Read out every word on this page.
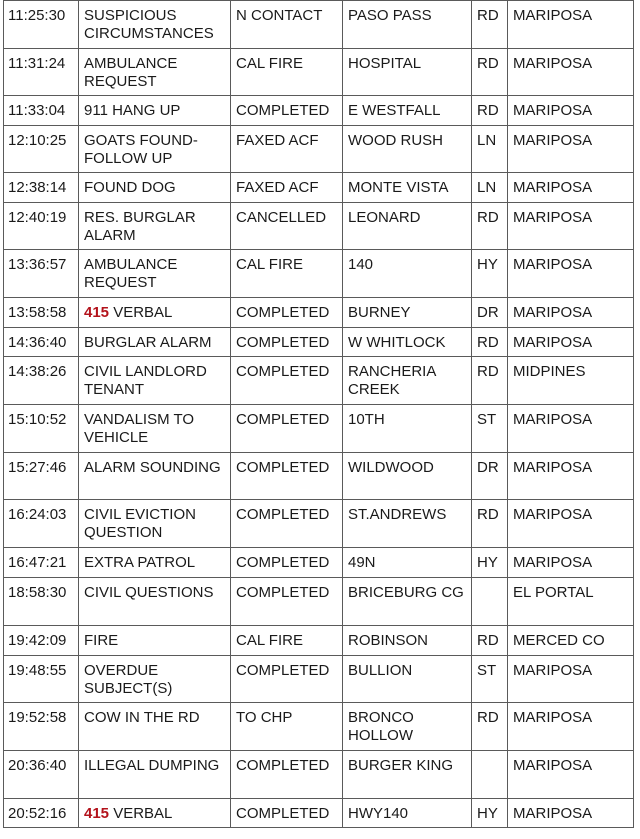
11:25:30	SUSPICIOUS CIRCUMSTANCES	N CONTACT	PASO PASS	RD	MARIPOSA
11:31:24	AMBULANCE REQUEST	CAL FIRE	HOSPITAL	RD	MARIPOSA
11:33:04	911 HANG UP	COMPLETED	E WESTFALL	RD	MARIPOSA
12:10:25	GOATS FOUND-FOLLOW UP	FAXED ACF	WOOD RUSH	LN	MARIPOSA
12:38:14	FOUND DOG	FAXED ACF	MONTE VISTA	LN	MARIPOSA
12:40:19	RES. BURGLAR ALARM	CANCELLED	LEONARD	RD	MARIPOSA
13:36:57	AMBULANCE REQUEST	CAL FIRE	140	HY	MARIPOSA
13:58:58	415 VERBAL	COMPLETED	BURNEY	DR	MARIPOSA
14:36:40	BURGLAR ALARM	COMPLETED	W WHITLOCK	RD	MARIPOSA
14:38:26	CIVIL LANDLORD TENANT	COMPLETED	RANCHERIA CREEK	RD	MIDPINES
15:10:52	VANDALISM TO VEHICLE	COMPLETED	10TH	ST	MARIPOSA
15:27:46	ALARM SOUNDING	COMPLETED	WILDWOOD	DR	MARIPOSA
16:24:03	CIVIL EVICTION QUESTION	COMPLETED	ST.ANDREWS	RD	MARIPOSA
16:47:21	EXTRA PATROL	COMPLETED	49N	HY	MARIPOSA
18:58:30	CIVIL QUESTIONS	COMPLETED	BRICEBURG CG		EL PORTAL
19:42:09	FIRE	CAL FIRE	ROBINSON	RD	MERCED CO
19:48:55	OVERDUE SUBJECT(S)	COMPLETED	BULLION	ST	MARIPOSA
19:52:58	COW IN THE RD	TO CHP	BRONCO HOLLOW	RD	MARIPOSA
20:36:40	ILLEGAL DUMPING	COMPLETED	BURGER KING		MARIPOSA
20:52:16	415 VERBAL	COMPLETED	HWY140	HY	MARIPOSA
